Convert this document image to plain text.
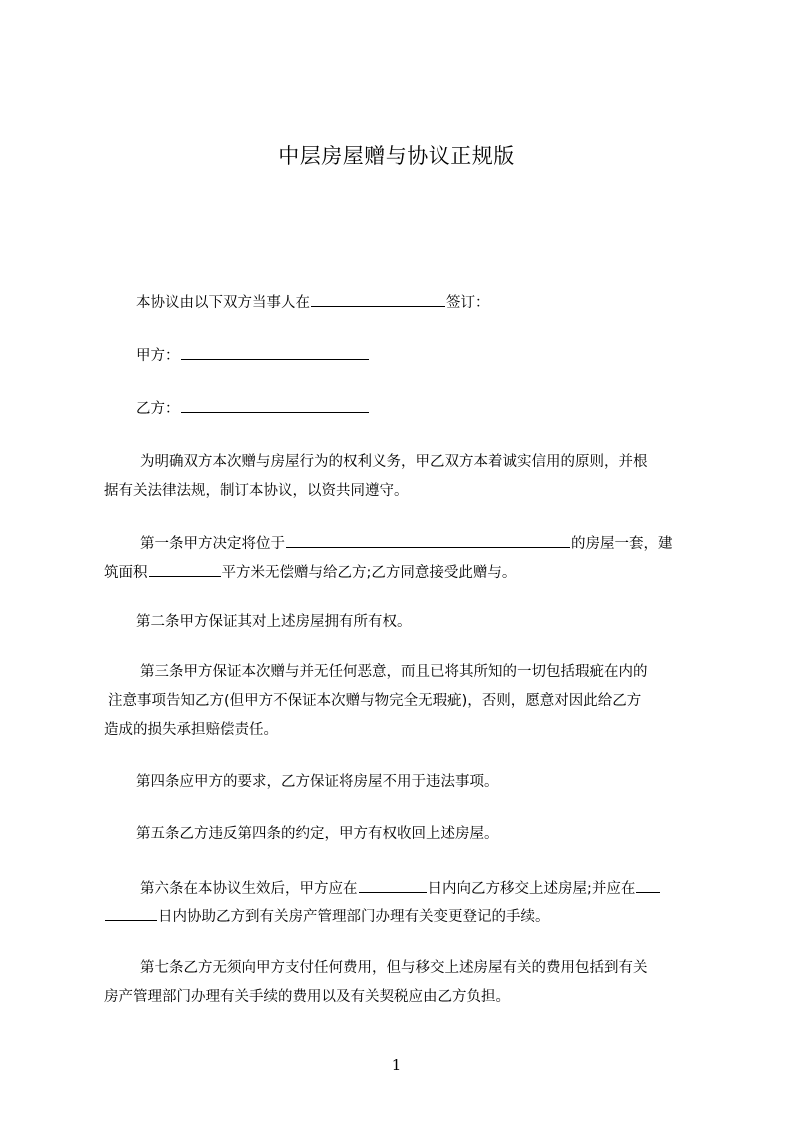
中层房屋赠与协议正规版
本协议由以下双方当事人在	签订：
甲方：
乙方：
为明确双方本次赠与房屋行为的权利义务，甲乙双方本着诚实信用的原则，并根
据有关法律法规，制订本协议，以资共同遵守。
第一条甲方决定将位于	的房屋一套，建
筑面积	平方米无偿赠与给乙方;乙方同意接受此赠与。
第二条甲方保证其对上述房屋拥有所有权。
第三条甲方保证本次赠与并无任何恶意，而且已将其所知的一切包括瑕疵在内的
注意事项告知乙方(但甲方不保证本次赠与物完全无瑕疵)，否则，愿意对因此给乙方
造成的损失承担赔偿责任。
第四条应甲方的要求，乙方保证将房屋不用于违法事项。
第五条乙方违反第四条的约定，甲方有权收回上述房屋。
第六条在本协议生效后，甲方应在	日内向乙方移交上述房屋;并应在
日内协助乙方到有关房产管理部门办理有关变更登记的手续。
第七条乙方无须向甲方支付任何费用，但与移交上述房屋有关的费用包括到有关
房产管理部门办理有关手续的费用以及有关契税应由乙方负担。
1
